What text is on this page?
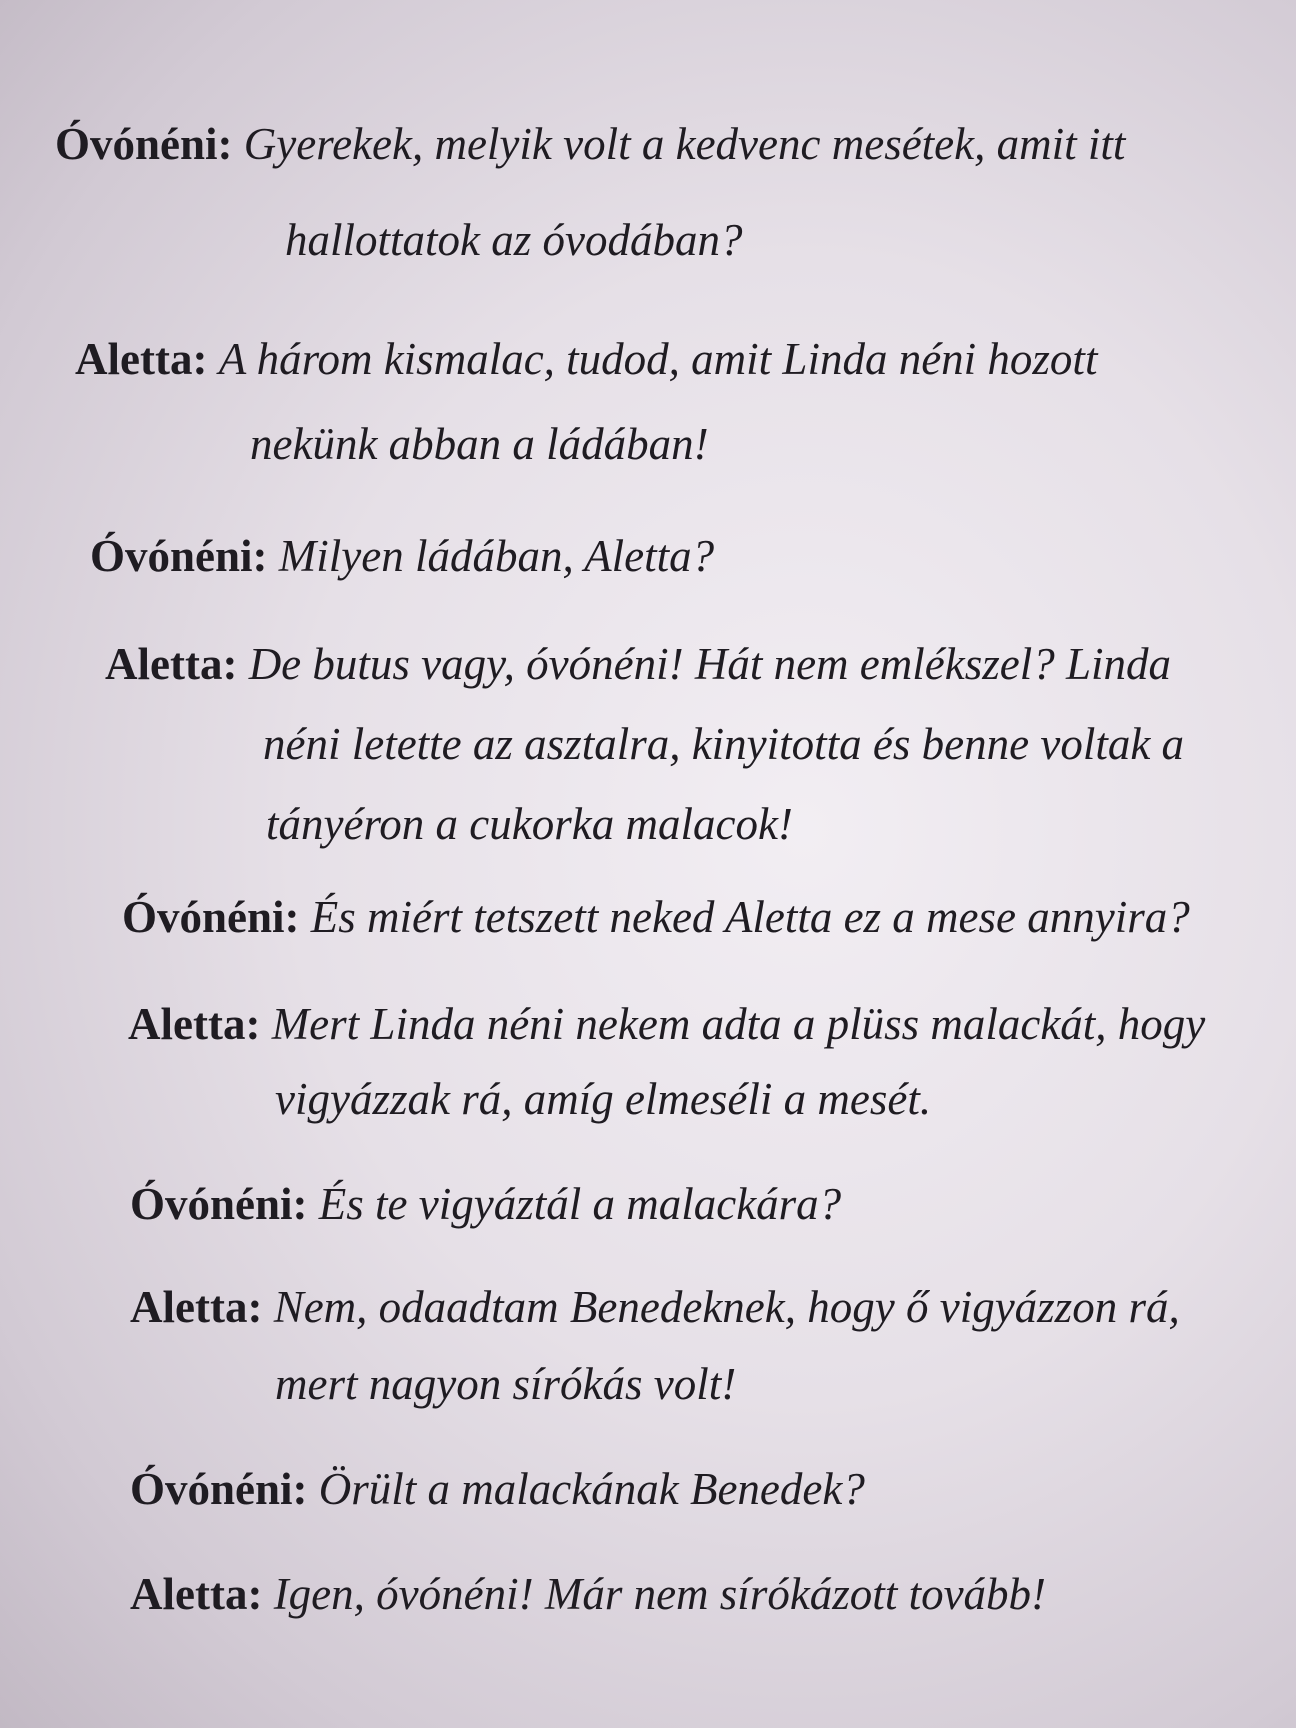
Óvónéni: Gyerekek, melyik volt a kedvenc mesétek, amit itt
hallottatok az óvodában?
Aletta: A három kismalac, tudod, amit Linda néni hozott
nekünk abban a ládában!
Óvónéni: Milyen ládában, Aletta?
Aletta: De butus vagy, óvónéni! Hát nem emlékszel? Linda
néni letette az asztalra, kinyitotta és benne voltak a
tányéron a cukorka malacok!
Óvónéni: És miért tetszett neked Aletta ez a mese annyira?
Aletta: Mert Linda néni nekem adta a plüss malackát, hogy
vigyázzak rá, amíg elmeséli a mesét.
Óvónéni: És te vigyáztál a malackára?
Aletta: Nem, odaadtam Benedeknek, hogy ő vigyázzon rá,
mert nagyon sírókás volt!
Óvónéni: Örült a malackának Benedek?
Aletta: Igen, óvónéni! Már nem sírókázott tovább!
